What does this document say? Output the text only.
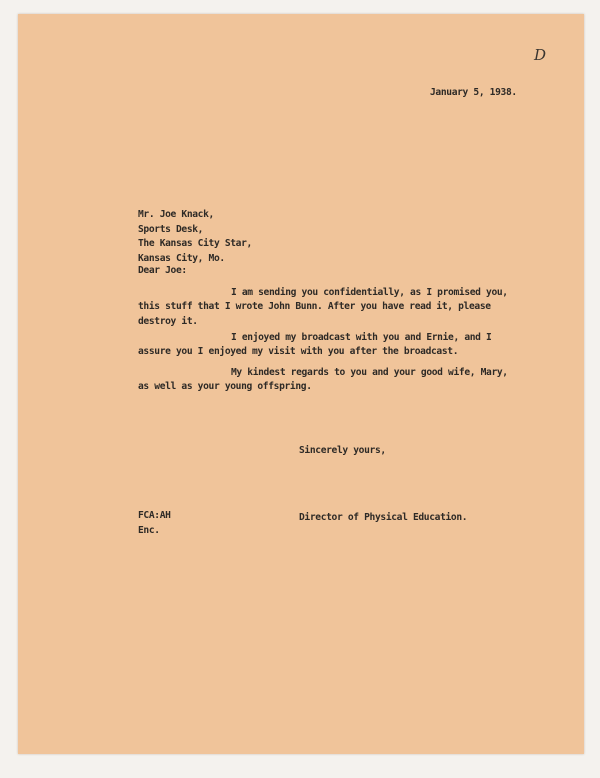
D

January 5, 1938.

Mr. Joe Knack,
Sports Desk,
The Kansas City Star,
Kansas City, Mo.

Dear Joe:

I am sending you confidentially, as I promised you,

this stuff that I wrote John Bunn. After you have read it, please
destroy it.

I enjoyed my broadcast with you and Ernie, and I

assure you I enjoyed my visit with you after the broadcast.

My kindest regards to you and your good wife, Mary,

as well as your young offspring.

Sincerely yours,

FCA:AH
Enc.

Director of Physical Education.
